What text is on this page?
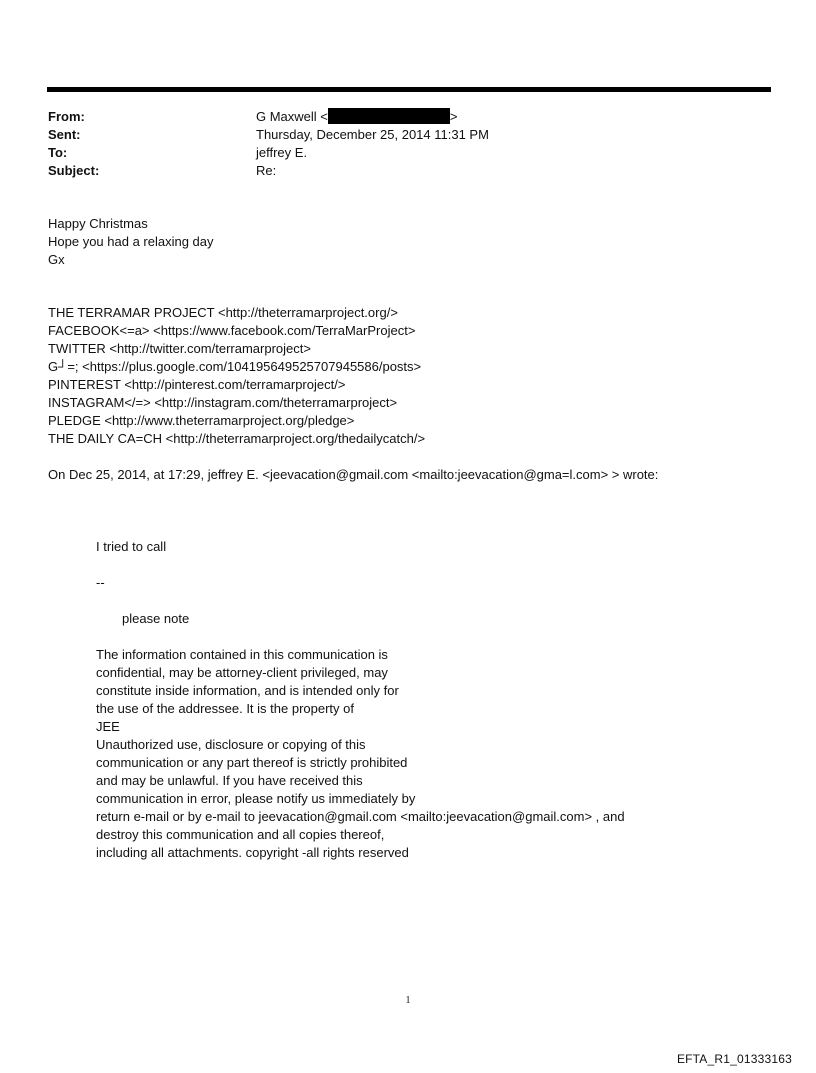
From:	G Maxwell <	>
Sent:	Thursday, December 25, 2014 11:31 PM
To:	jeffrey E.
Subject:	Re:
Happy Christmas
Hope you had a relaxing day
Gx
THE TERRAMAR PROJECT <http://theterramarproject.org/>
FACEBOOK<=a> <https://www.facebook.com/TerraMarProject>
TWITTER <http://twitter.com/terramarproject>
G┘=; <https://plus.google.com/104195649525707945586/posts>
PINTEREST <http://pinterest.com/terramarproject/>
INSTAGRAM</=> <http://instagram.com/theterramarproject>
PLEDGE <http://www.theterramarproject.org/pledge>
THE DAILY CA=CH <http://theterramarproject.org/thedailycatch/>
On Dec 25, 2014, at 17:29, jeffrey E. <jeevacation@gmail.com <mailto:jeevacation@gma=l.com> > wrote:
I tried to call
--
please note
The information contained in this communication is
confidential, may be attorney-client privileged, may
constitute inside information, and is intended only for
the use of the addressee. It is the property of
JEE
Unauthorized use, disclosure or copying of this
communication or any part thereof is strictly prohibited
and may be unlawful. If you have received this
communication in error, please notify us immediately by
return e-mail or by e-mail to jeevacation@gmail.com <mailto:jeevacation@gmail.com> , and
destroy this communication and all copies thereof,
including all attachments. copyright -all rights reserved
1
EFTA_R1_01333163
